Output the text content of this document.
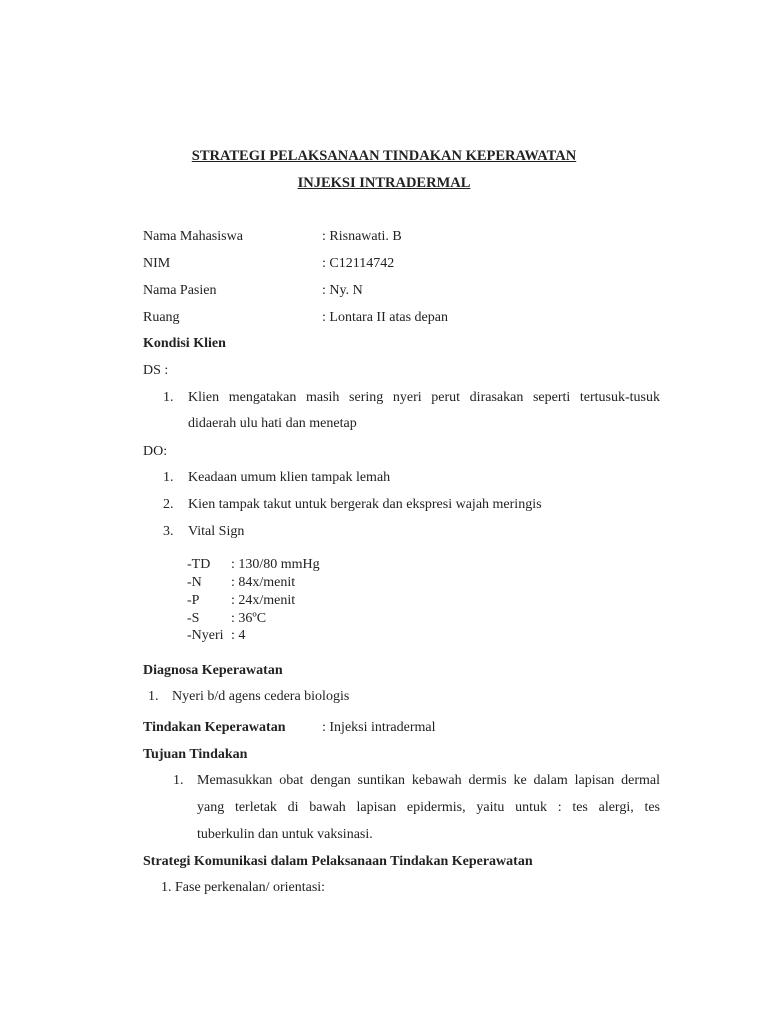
STRATEGI PELAKSANAAN TINDAKAN KEPERAWATAN
INJEKSI INTRADERMAL
Nama Mahasiswa	: Risnawati. B
NIM	: C12114742
Nama Pasien	: Ny. N
Ruang	: Lontara II atas depan
Kondisi Klien
DS :
1. Klien mengatakan masih sering nyeri perut dirasakan seperti tertusuk-tusuk
didaerah ulu hati dan menetap
DO:
1. Keadaan umum klien tampak lemah
2. Kien tampak takut untuk bergerak dan ekspresi wajah meringis
3. Vital Sign
-TD : 130/80 mmHg
-N : 84x/menit
-P : 24x/menit
-S : 36ºC
-Nyeri : 4
Diagnosa Keperawatan
1. Nyeri b/d agens cedera biologis
Tindakan Keperawatan	: Injeksi intradermal
Tujuan Tindakan
1. Memasukkan obat dengan suntikan kebawah dermis ke dalam lapisan dermal
yang terletak di bawah lapisan epidermis, yaitu untuk : tes alergi, tes
tuberkulin dan untuk vaksinasi.
Strategi Komunikasi dalam Pelaksanaan Tindakan Keperawatan
1. Fase perkenalan/ orientasi:
